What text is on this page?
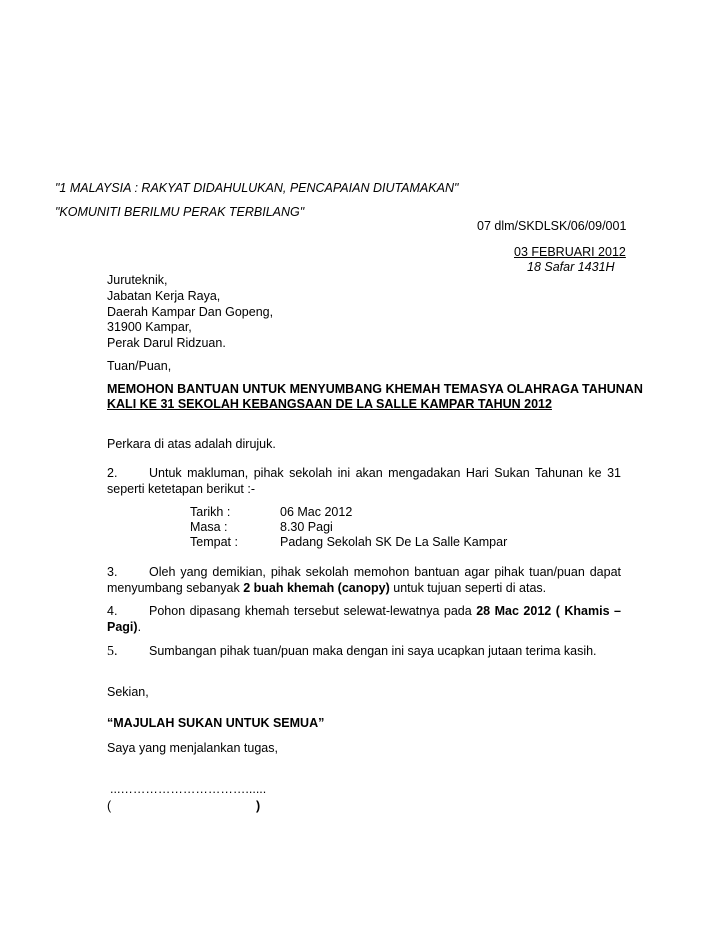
"1 MALAYSIA : RAKYAT DIDAHULUKAN, PENCAPAIAN DIUTAMAKAN"
"KOMUNITI BERILMU PERAK TERBILANG"
07 dlm/SKDLSK/06/09/001
03 FEBRUARI 2012
18 Safar 1431H
Juruteknik,
Jabatan Kerja Raya,
Daerah Kampar Dan Gopeng,
31900 Kampar,
Perak Darul Ridzuan.
Tuan/Puan,
MEMOHON BANTUAN UNTUK MENYUMBANG KHEMAH TEMASYA OLAHRAGA TAHUNAN
KALI KE 31 SEKOLAH KEBANGSAAN DE LA SALLE KAMPAR TAHUN 2012
Perkara di atas adalah dirujuk.
2.	Untuk makluman, pihak sekolah ini akan mengadakan Hari Sukan Tahunan ke 31 seperti ketetapan berikut :-
Tarikh :	06 Mac 2012
Masa :	8.30 Pagi
Tempat :	Padang Sekolah SK De La Salle Kampar
3.	Oleh yang demikian, pihak sekolah memohon bantuan agar pihak tuan/puan dapat menyumbang sebanyak 2 buah khemah (canopy) untuk tujuan seperti di atas.
4.	Pohon dipasang khemah tersebut selewat-lewatnya pada 28 Mac 2012 ( Khamis – Pagi).
5.	Sumbangan pihak tuan/puan maka dengan ini saya ucapkan jutaan terima kasih.
Sekian,
“MAJULAH SUKAN UNTUK SEMUA”
Saya yang menjalankan tugas,
...…………………………......
(	)
